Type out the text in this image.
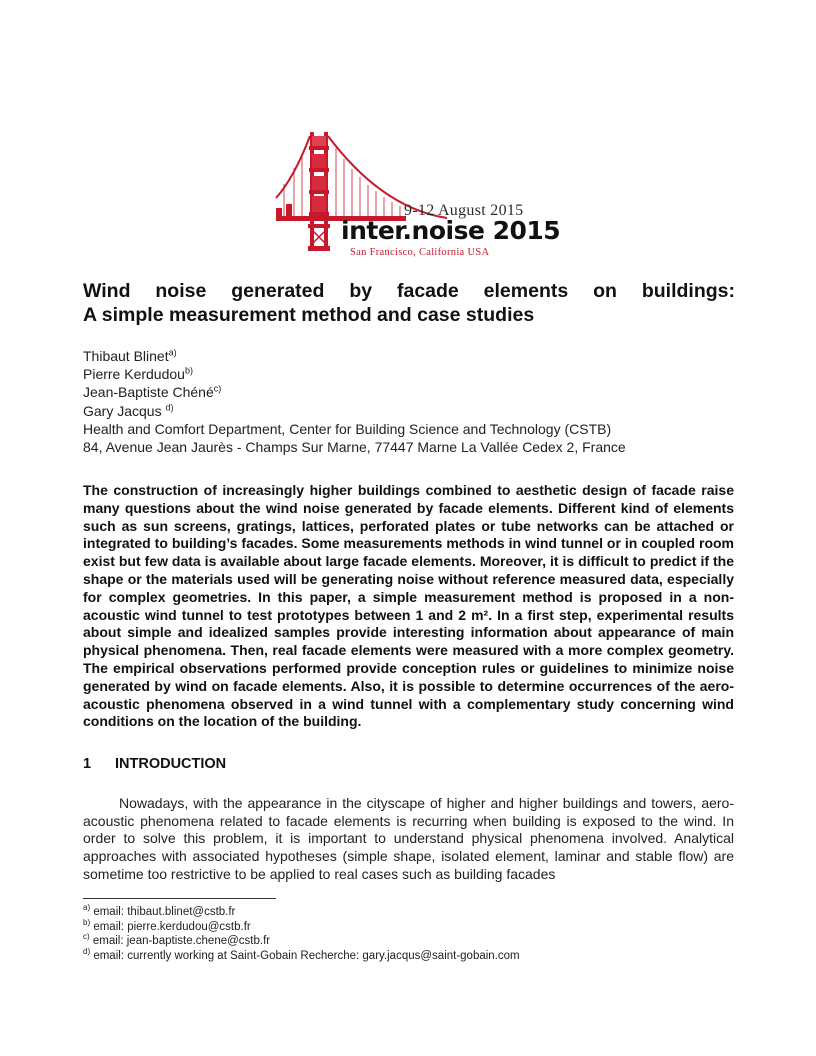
9-12 August 2015
inter.noise 2015
San Francisco, California USA
Wind noise generated by facade elements on buildings:
A simple measurement method and case studies
Thibaut Blinet$^{a)}$
Pierre Kerdudou$^{b)}$
Jean-Baptiste Chéné$^{c)}$
Gary Jacqus $^{d)}$
Health and Comfort Department, Center for Building Science and Technology (CSTB)
84, Avenue Jean Jaurès - Champs Sur Marne, 77447 Marne La Vallée Cedex 2, France
The construction of increasingly higher buildings combined to aesthetic design of facade raise many questions about the wind noise generated by facade elements. Different kind of elements such as sun screens, gratings, lattices, perforated plates or tube networks can be attached or integrated to building’s facades. Some measurements methods in wind tunnel or in coupled room exist but few data is available about large facade elements. Moreover, it is difficult to predict if the shape or the materials used will be generating noise without reference measured data, especially for complex geometries. In this paper, a simple measurement method is proposed in a non-acoustic wind tunnel to test prototypes between 1 and 2 m². In a first step, experimental results about simple and idealized samples provide interesting information about appearance of main physical phenomena. Then, real facade elements were measured with a more complex geometry. The empirical observations performed provide conception rules or guidelines to minimize noise generated by wind on facade elements. Also, it is possible to determine occurrences of the aero-acoustic phenomena observed in a wind tunnel with a complementary study concerning wind conditions on the location of the building.
1 INTRODUCTION
Nowadays, with the appearance in the cityscape of higher and higher buildings and towers, aero-acoustic phenomena related to facade elements is recurring when building is exposed to the wind. In order to solve this problem, it is important to understand physical phenomena involved. Analytical approaches with associated hypotheses (simple shape, isolated element, laminar and stable flow) are sometime too restrictive to be applied to real cases such as building facades
$^{a)}$ email: thibaut.blinet@cstb.fr
$^{b)}$ email: pierre.kerdudou@cstb.fr
$^{c)}$ email: jean-baptiste.chene@cstb.fr
$^{d)}$ email: currently working at Saint-Gobain Recherche: gary.jacqus@saint-gobain.com
